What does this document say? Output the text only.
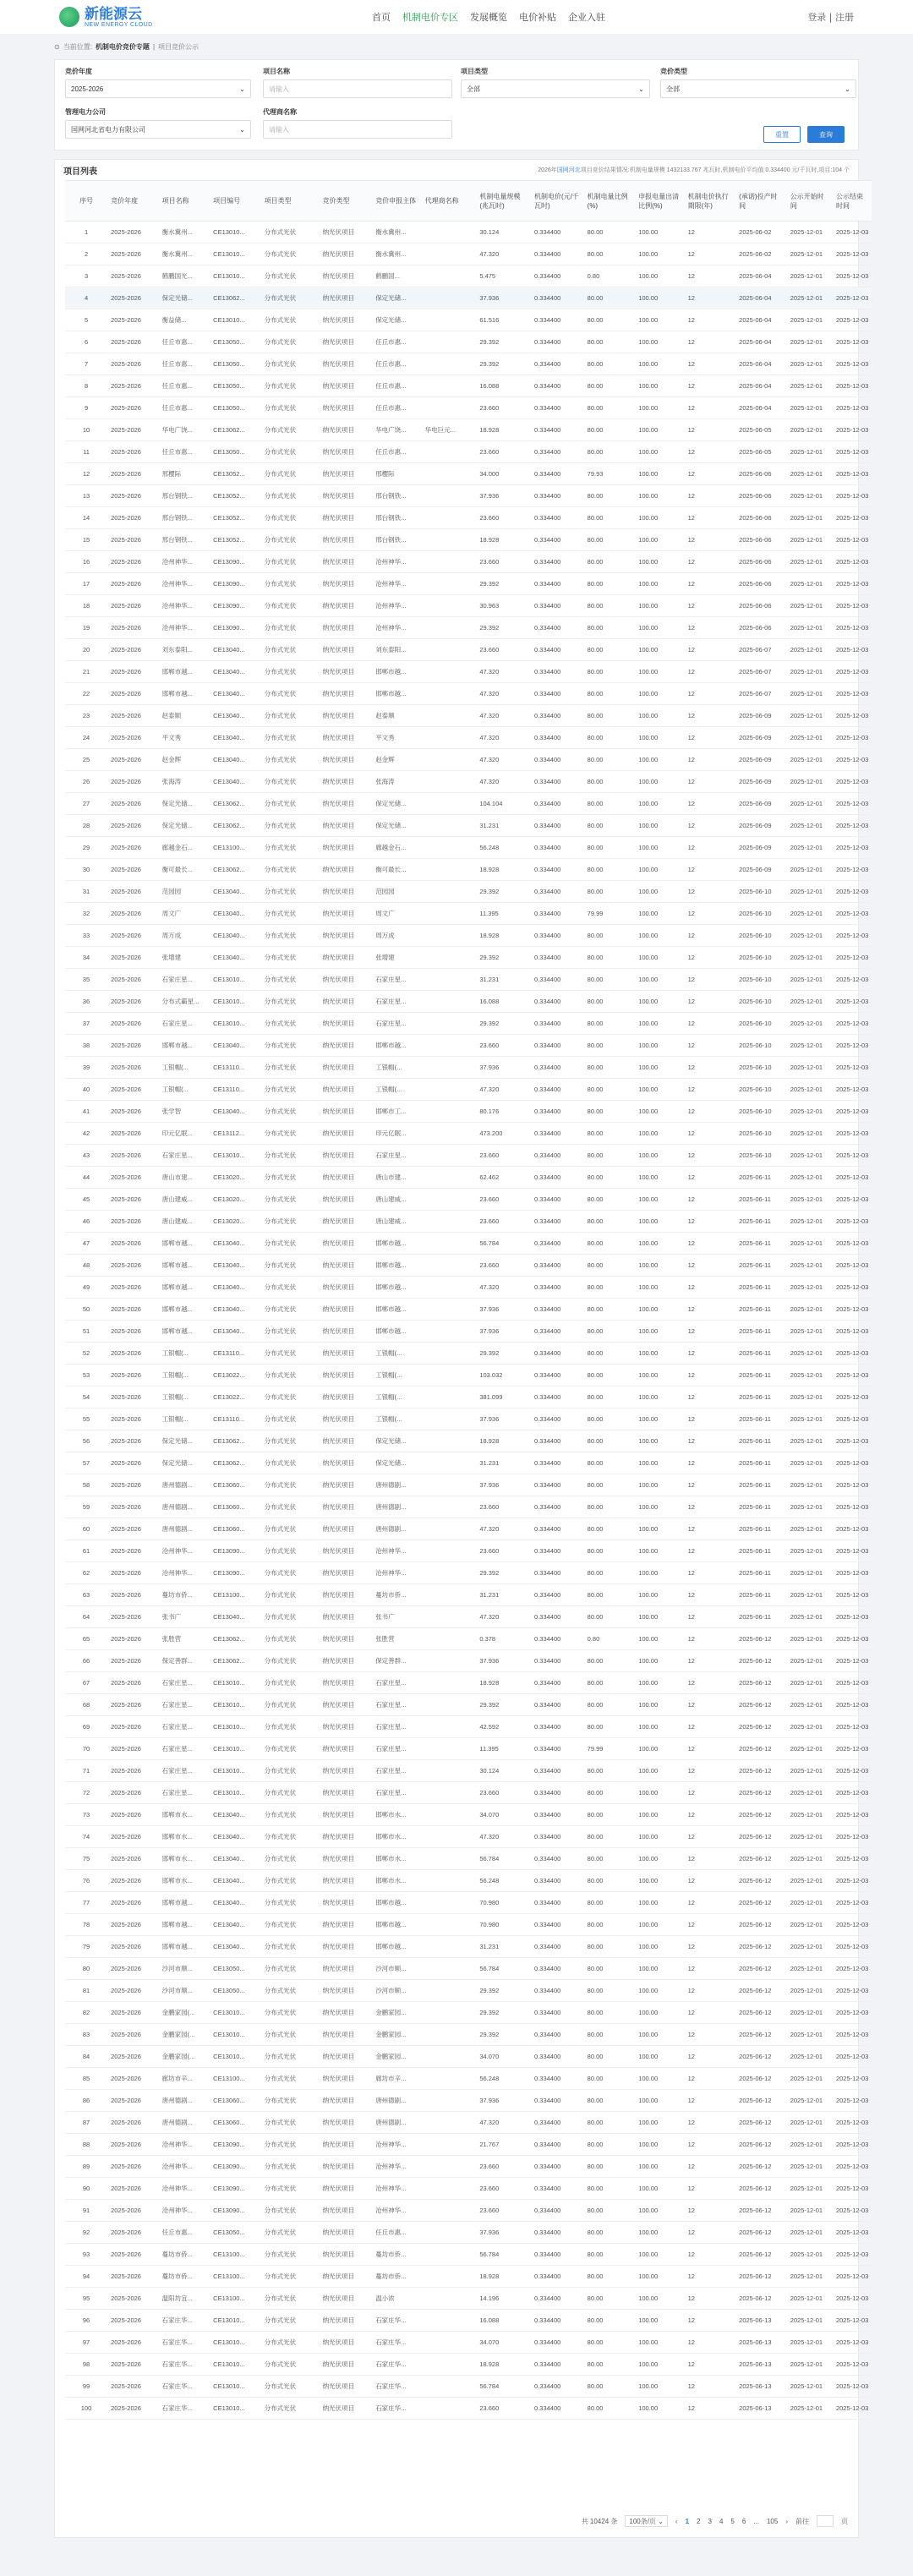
新能源云
NEW ENERGY CLOUD
首页 机制电价专区 发展概览 电价补贴 企业入驻	登录 | 注册
⊙ 当前位置: 机制电价竞价专题 | 项目竞价公示
竞价年度
2025-2026	⌄
项目名称
请输入
项目类型
全部	⌄
竞价类型
全部	⌄
管理电力公司
国网河北省电力有限公司	⌄
代理商名称
请输入
重置	查询
项目列表	2026年国网河北项目竞价结果情况:机制电量规模 1432133.767 兆瓦时,机制电价平均值 0.334400 元/千瓦时,项目:104 个
序号	竞价年度	项目名称	项目编号	项目类型	竞价类型	竞价申报主体	代理商名称	机制电量规模(兆瓦时)	机制电价(元/千瓦时)	机制电量比例(%)	申报电量出清比例(%)	机制电价执行期限(年)	(承诺)投产时间	公示开始时间	公示结束时间
1	2025-2026	衡水冀州...	CE13010...	分布式光伏	纳光伏项目	衡水冀州...		30.124	0.334400	80.00	100.00	12	2025-06-02	2025-12-01	2025-12-03
2	2025-2026	衡水冀州...	CE13010...	分布式光伏	纳光伏项目	衡水冀州...		47.320	0.334400	80.00	100.00	12	2025-06-02	2025-12-01	2025-12-03
3	2025-2026	鹤鹏国光...	CE13010...	分布式光伏	纳光伏项目	鹤鹏国...		5.475	0.334400	0.80	100.00	12	2025-06-04	2025-12-01	2025-12-03
4	2025-2026	保定光储...	CE13062...	分布式光伏	纳光伏项目	保定光储...		37.936	0.334400	80.00	100.00	12	2025-06-04	2025-12-01	2025-12-03
5	2025-2026	衡益储...	CE13010...	分布式光伏	纳光伏项目	保定光储...		61.516	0.334400	80.00	100.00	12	2025-06-04	2025-12-01	2025-12-03
6	2025-2026	任丘市惠...	CE13050...	分布式光伏	纳光伏项目	任丘市惠...		29.392	0.334400	80.00	100.00	12	2025-06-04	2025-12-01	2025-12-03
7	2025-2026	任丘市惠...	CE13050...	分布式光伏	纳光伏项目	任丘市惠...		29.392	0.334400	80.00	100.00	12	2025-06-04	2025-12-01	2025-12-03
8	2025-2026	任丘市惠...	CE13050...	分布式光伏	纳光伏项目	任丘市惠...		16.088	0.334400	80.00	100.00	12	2025-06-04	2025-12-01	2025-12-03
9	2025-2026	任丘市惠...	CE13050...	分布式光伏	纳光伏项目	任丘市惠...		23.660	0.334400	80.00	100.00	12	2025-06-04	2025-12-01	2025-12-03
10	2025-2026	华电广饶...	CE13062...	分布式光伏	纳光伏项目	华电广饶...	华电巨元...	18.928	0.334400	80.00	100.00	12	2025-06-05	2025-12-01	2025-12-03
11	2025-2026	任丘市惠...	CE13050...	分布式光伏	纳光伏项目	任丘市惠...		23.660	0.334400	80.00	100.00	12	2025-06-05	2025-12-01	2025-12-03
12	2025-2026	邢樱际	CE13052...	分布式光伏	纳光伏项目	邢樱际		34.000	0.334400	79.93	100.00	12	2025-06-06	2025-12-01	2025-12-03
13	2025-2026	邢台钢铁...	CE13052...	分布式光伏	纳光伏项目	邢台钢铁...		37.936	0.334400	80.00	100.00	12	2025-06-06	2025-12-01	2025-12-03
14	2025-2026	邢台钢铁...	CE13052...	分布式光伏	纳光伏项目	邢台钢铁...		23.660	0.334400	80.00	100.00	12	2025-06-06	2025-12-01	2025-12-03
15	2025-2026	邢台钢铁...	CE13052...	分布式光伏	纳光伏项目	邢台钢铁...		18.928	0.334400	80.00	100.00	12	2025-06-06	2025-12-01	2025-12-03
16	2025-2026	沧州神华...	CE13090...	分布式光伏	纳光伏项目	沧州神华...		23.660	0.334400	80.00	100.00	12	2025-06-06	2025-12-01	2025-12-03
17	2025-2026	沧州神华...	CE13090...	分布式光伏	纳光伏项目	沧州神华...		29.392	0.334400	80.00	100.00	12	2025-06-06	2025-12-01	2025-12-03
18	2025-2026	沧州神华...	CE13090...	分布式光伏	纳光伏项目	沧州神华...		30.963	0.334400	80.00	100.00	12	2025-06-06	2025-12-01	2025-12-03
19	2025-2026	沧州神华...	CE13090...	分布式光伏	纳光伏项目	沧州神华...		29.392	0.334400	80.00	100.00	12	2025-06-06	2025-12-01	2025-12-03
20	2025-2026	刘东泰阳...	CE13040...	分布式光伏	纳光伏项目	刘东泰阳...		23.660	0.334400	80.00	100.00	12	2025-06-07	2025-12-01	2025-12-03
21	2025-2026	邯郸市越...	CE13040...	分布式光伏	纳光伏项目	邯郸市越...		47.320	0.334400	80.00	100.00	12	2025-06-07	2025-12-01	2025-12-03
22	2025-2026	邯郸市越...	CE13040...	分布式光伏	纳光伏项目	邯郸市越...		47.320	0.334400	80.00	100.00	12	2025-06-07	2025-12-01	2025-12-03
23	2025-2026	赵泰顺	CE13040...	分布式光伏	纳光伏项目	赵泰顺		47.320	0.334400	80.00	100.00	12	2025-06-09	2025-12-01	2025-12-03
24	2025-2026	平文秀	CE13040...	分布式光伏	纳光伏项目	平文秀		47.320	0.334400	80.00	100.00	12	2025-06-09	2025-12-01	2025-12-03
25	2025-2026	赵金辉	CE13040...	分布式光伏	纳光伏项目	赵金辉		47.320	0.334400	80.00	100.00	12	2025-06-09	2025-12-01	2025-12-03
26	2025-2026	张海涛	CE13040...	分布式光伏	纳光伏项目	张海涛		47.320	0.334400	80.00	100.00	12	2025-06-09	2025-12-01	2025-12-03
27	2025-2026	保定光储...	CE13062...	分布式光伏	纳光伏项目	保定光储...		104.104	0.334400	80.00	100.00	12	2025-06-09	2025-12-01	2025-12-03
28	2025-2026	保定光储...	CE13062...	分布式光伏	纳光伏项目	保定光储...		31.231	0.334400	80.00	100.00	12	2025-06-09	2025-12-01	2025-12-03
29	2025-2026	廊越金石...	CE13100...	分布式光伏	纳光伏项目	廊越金石...		56.248	0.334400	80.00	100.00	12	2025-06-09	2025-12-01	2025-12-03
30	2025-2026	衡可最长...	CE13062...	分布式光伏	纳光伏项目	衡可最长...		18.928	0.334400	80.00	100.00	12	2025-06-09	2025-12-01	2025-12-03
31	2025-2026	范园园	CE13040...	分布式光伏	纳光伏项目	范园园		29.392	0.334400	80.00	100.00	12	2025-06-10	2025-12-01	2025-12-03
32	2025-2026	周文广	CE13040...	分布式光伏	纳光伏项目	周文广		11.395	0.334400	79.99	100.00	12	2025-06-10	2025-12-01	2025-12-03
33	2025-2026	周万成	CE13040...	分布式光伏	纳光伏项目	周万成		18.928	0.334400	80.00	100.00	12	2025-06-10	2025-12-01	2025-12-03
34	2025-2026	张增建	CE13040...	分布式光伏	纳光伏项目	张增建		29.392	0.334400	80.00	100.00	12	2025-06-10	2025-12-01	2025-12-03
35	2025-2026	石家庄星...	CE13010...	分布式光伏	纳光伏项目	石家庄星...		31.231	0.334400	80.00	100.00	12	2025-06-10	2025-12-01	2025-12-03
36	2025-2026	分布式霸星...	CE13010...	分布式光伏	纳光伏项目	石家庄星...		16.088	0.334400	80.00	100.00	12	2025-06-10	2025-12-01	2025-12-03
37	2025-2026	石家庄星...	CE13010...	分布式光伏	纳光伏项目	石家庄星...		29.392	0.334400	80.00	100.00	12	2025-06-10	2025-12-01	2025-12-03
38	2025-2026	邯郸市越...	CE13040...	分布式光伏	纳光伏项目	邯郸市越...		23.660	0.334400	80.00	100.00	12	2025-06-10	2025-12-01	2025-12-03
39	2025-2026	工银帽(...	CE13110...	分布式光伏	纳光伏项目	工银帽(...		37.936	0.334400	80.00	100.00	12	2025-06-10	2025-12-01	2025-12-03
40	2025-2026	工银帽(...	CE13110...	分布式光伏	纳光伏项目	工银帽(...		47.320	0.334400	80.00	100.00	12	2025-06-10	2025-12-01	2025-12-03
41	2025-2026	张学智	CE13040...	分布式光伏	纳光伏项目	邯郸市工...		80.176	0.334400	80.00	100.00	12	2025-06-10	2025-12-01	2025-12-03
42	2025-2026	印元亿眠...	CE13112...	分布式光伏	纳光伏项目	印元亿眠...		473.200	0.334400	80.00	100.00	12	2025-06-10	2025-12-01	2025-12-03
43	2025-2026	石家庄星...	CE13010...	分布式光伏	纳光伏项目	石家庄星...		23.660	0.334400	80.00	100.00	12	2025-06-10	2025-12-01	2025-12-03
44	2025-2026	唐山市建...	CE13020...	分布式光伏	纳光伏项目	唐山市建...		62.462	0.334400	80.00	100.00	12	2025-06-11	2025-12-01	2025-12-03
45	2025-2026	唐山建威...	CE13020...	分布式光伏	纳光伏项目	唐山建威...		23.660	0.334400	80.00	100.00	12	2025-06-11	2025-12-01	2025-12-03
46	2025-2026	唐山建威...	CE13020...	分布式光伏	纳光伏项目	唐山建威...		23.660	0.334400	80.00	100.00	12	2025-06-11	2025-12-01	2025-12-03
47	2025-2026	邯郸市越...	CE13040...	分布式光伏	纳光伏项目	邯郸市越...		56.784	0.334400	80.00	100.00	12	2025-06-11	2025-12-01	2025-12-03
48	2025-2026	邯郸市越...	CE13040...	分布式光伏	纳光伏项目	邯郸市越...		23.660	0.334400	80.00	100.00	12	2025-06-11	2025-12-01	2025-12-03
49	2025-2026	邯郸市越...	CE13040...	分布式光伏	纳光伏项目	邯郸市越...		47.320	0.334400	80.00	100.00	12	2025-06-11	2025-12-01	2025-12-03
50	2025-2026	邯郸市越...	CE13040...	分布式光伏	纳光伏项目	邯郸市越...		37.936	0.334400	80.00	100.00	12	2025-06-11	2025-12-01	2025-12-03
51	2025-2026	邯郸市越...	CE13040...	分布式光伏	纳光伏项目	邯郸市越...		37.936	0.334400	80.00	100.00	12	2025-06-11	2025-12-01	2025-12-03
52	2025-2026	工银帽(...	CE13110...	分布式光伏	纳光伏项目	工银帽(...		29.392	0.334400	80.00	100.00	12	2025-06-11	2025-12-01	2025-12-03
53	2025-2026	工银帽(...	CE13022...	分布式光伏	纳光伏项目	工银帽(...		103.032	0.334400	80.00	100.00	12	2025-06-11	2025-12-01	2025-12-03
54	2025-2026	工银帽(...	CE13022...	分布式光伏	纳光伏项目	工银帽(...		381.099	0.334400	80.00	100.00	12	2025-06-11	2025-12-01	2025-12-03
55	2025-2026	工银帽(...	CE13110...	分布式光伏	纳光伏项目	工银帽(...		37.936	0.334400	80.00	100.00	12	2025-06-11	2025-12-01	2025-12-03
56	2025-2026	保定光储...	CE13062...	分布式光伏	纳光伏项目	保定光储...		18.928	0.334400	80.00	100.00	12	2025-06-11	2025-12-01	2025-12-03
57	2025-2026	保定光储...	CE13062...	分布式光伏	纳光伏项目	保定光储...		31.231	0.334400	80.00	100.00	12	2025-06-11	2025-12-01	2025-12-03
58	2025-2026	唐州德剧...	CE13060...	分布式光伏	纳光伏项目	唐州德剧...		37.936	0.334400	80.00	100.00	12	2025-06-11	2025-12-01	2025-12-03
59	2025-2026	唐州德剧...	CE13060...	分布式光伏	纳光伏项目	唐州德剧...		23.660	0.334400	80.00	100.00	12	2025-06-11	2025-12-01	2025-12-03
60	2025-2026	唐州德剧...	CE13060...	分布式光伏	纳光伏项目	唐州德剧...		47.320	0.334400	80.00	100.00	12	2025-06-11	2025-12-01	2025-12-03
61	2025-2026	沧州神华...	CE13090...	分布式光伏	纳光伏项目	沧州神华...		23.660	0.334400	80.00	100.00	12	2025-06-11	2025-12-01	2025-12-03
62	2025-2026	沧州神华...	CE13090...	分布式光伏	纳光伏项目	沧州神华...		29.392	0.334400	80.00	100.00	12	2025-06-11	2025-12-01	2025-12-03
63	2025-2026	蔓坊市侨...	CE13100...	分布式光伏	纳光伏项目	蔓坊市侨...		31.231	0.334400	80.00	100.00	12	2025-06-11	2025-12-01	2025-12-03
64	2025-2026	张书广	CE13040...	分布式光伏	纳光伏项目	张书广		47.320	0.334400	80.00	100.00	12	2025-06-11	2025-12-01	2025-12-03
65	2025-2026	张胜营	CE13062...	分布式光伏	纳光伏项目	张胜营		0.378	0.334400	0.80	100.00	12	2025-06-12	2025-12-01	2025-12-03
66	2025-2026	保定善群...	CE13062...	分布式光伏	纳光伏项目	保定善群...		37.936	0.334400	80.00	100.00	12	2025-06-12	2025-12-01	2025-12-03
67	2025-2026	石家庄星...	CE13010...	分布式光伏	纳光伏项目	石家庄星...		18.928	0.334400	80.00	100.00	12	2025-06-12	2025-12-01	2025-12-03
68	2025-2026	石家庄星...	CE13010...	分布式光伏	纳光伏项目	石家庄星...		29.392	0.334400	80.00	100.00	12	2025-06-12	2025-12-01	2025-12-03
69	2025-2026	石家庄星...	CE13010...	分布式光伏	纳光伏项目	石家庄星...		42.592	0.334400	80.00	100.00	12	2025-06-12	2025-12-01	2025-12-03
70	2025-2026	石家庄星...	CE13010...	分布式光伏	纳光伏项目	石家庄星...		11.395	0.334400	79.99	100.00	12	2025-06-12	2025-12-01	2025-12-03
71	2025-2026	石家庄星...	CE13010...	分布式光伏	纳光伏项目	石家庄星...		30.124	0.334400	80.00	100.00	12	2025-06-12	2025-12-01	2025-12-03
72	2025-2026	石家庄星...	CE13010...	分布式光伏	纳光伏项目	石家庄星...		23.660	0.334400	80.00	100.00	12	2025-06-12	2025-12-01	2025-12-03
73	2025-2026	邯郸市水...	CE13040...	分布式光伏	纳光伏项目	邯郸市水...		34.070	0.334400	80.00	100.00	12	2025-06-12	2025-12-01	2025-12-03
74	2025-2026	邯郸市水...	CE13040...	分布式光伏	纳光伏项目	邯郸市水...		47.320	0.334400	80.00	100.00	12	2025-06-12	2025-12-01	2025-12-03
75	2025-2026	邯郸市水...	CE13040...	分布式光伏	纳光伏项目	邯郸市水...		56.784	0.334400	80.00	100.00	12	2025-06-12	2025-12-01	2025-12-03
76	2025-2026	邯郸市水...	CE13040...	分布式光伏	纳光伏项目	邯郸市水...		56.248	0.334400	80.00	100.00	12	2025-06-12	2025-12-01	2025-12-03
77	2025-2026	邯郸市越...	CE13040...	分布式光伏	纳光伏项目	邯郸市越...		70.980	0.334400	80.00	100.00	12	2025-06-12	2025-12-01	2025-12-03
78	2025-2026	邯郸市越...	CE13040...	分布式光伏	纳光伏项目	邯郸市越...		70.980	0.334400	80.00	100.00	12	2025-06-12	2025-12-01	2025-12-03
79	2025-2026	邯郸市越...	CE13040...	分布式光伏	纳光伏项目	邯郸市越...		31.231	0.334400	80.00	100.00	12	2025-06-12	2025-12-01	2025-12-03
80	2025-2026	沙河市顺...	CE13050...	分布式光伏	纳光伏项目	沙河市顺...		56.784	0.334400	80.00	100.00	12	2025-06-12	2025-12-01	2025-12-03
81	2025-2026	沙河市顺...	CE13050...	分布式光伏	纳光伏项目	沙河市顺...		29.392	0.334400	80.00	100.00	12	2025-06-12	2025-12-01	2025-12-03
82	2025-2026	金鹏家园(...	CE13010...	分布式光伏	纳光伏项目	金鹏家园...		29.392	0.334400	80.00	100.00	12	2025-06-12	2025-12-01	2025-12-03
83	2025-2026	金鹏家园(...	CE13010...	分布式光伏	纳光伏项目	金鹏家园...		29.392	0.334400	80.00	100.00	12	2025-06-12	2025-12-01	2025-12-03
84	2025-2026	金鹏家园(...	CE13010...	分布式光伏	纳光伏项目	金鹏家园...		34.070	0.334400	80.00	100.00	12	2025-06-12	2025-12-01	2025-12-03
85	2025-2026	廊坊市辛...	CE13100...	分布式光伏	纳光伏项目	廊坊市辛...		56.248	0.334400	80.00	100.00	12	2025-06-12	2025-12-01	2025-12-03
86	2025-2026	唐州德剧...	CE13060...	分布式光伏	纳光伏项目	唐州德剧...		37.936	0.334400	80.00	100.00	12	2025-06-12	2025-12-01	2025-12-03
87	2025-2026	唐州德剧...	CE13060...	分布式光伏	纳光伏项目	唐州德剧...		47.320	0.334400	80.00	100.00	12	2025-06-12	2025-12-01	2025-12-03
88	2025-2026	沧州神华...	CE13090...	分布式光伏	纳光伏项目	沧州神华...		21.767	0.334400	80.00	100.00	12	2025-06-12	2025-12-01	2025-12-03
89	2025-2026	沧州神华...	CE13090...	分布式光伏	纳光伏项目	沧州神华...		23.660	0.334400	80.00	100.00	12	2025-06-12	2025-12-01	2025-12-03
90	2025-2026	沧州神华...	CE13090...	分布式光伏	纳光伏项目	沧州神华...		23.660	0.334400	80.00	100.00	12	2025-06-12	2025-12-01	2025-12-03
91	2025-2026	沧州神华...	CE13090...	分布式光伏	纳光伏项目	沧州神华...		23.660	0.334400	80.00	100.00	12	2025-06-12	2025-12-01	2025-12-03
92	2025-2026	任丘市惠...	CE13050...	分布式光伏	纳光伏项目	任丘市惠...		37.936	0.334400	80.00	100.00	12	2025-06-12	2025-12-01	2025-12-03
93	2025-2026	蔓坊市侨...	CE13100...	分布式光伏	纳光伏项目	蔓坊市侨...		56.784	0.334400	80.00	100.00	12	2025-06-12	2025-12-01	2025-12-03
94	2025-2026	蔓坊市侨...	CE13100...	分布式光伏	纳光伏项目	蔓坊市侨...		18.928	0.334400	80.00	100.00	12	2025-06-12	2025-12-01	2025-12-03
95	2025-2026	温阳坊宜...	CE13100...	分布式光伏	纳光伏项目	温小浓		14.196	0.334400	80.00	100.00	12	2025-06-12	2025-12-01	2025-12-03
96	2025-2026	石家庄华...	CE13010...	分布式光伏	纳光伏项目	石家庄华...		16.088	0.334400	80.00	100.00	12	2025-06-13	2025-12-01	2025-12-03
97	2025-2026	石家庄华...	CE13010...	分布式光伏	纳光伏项目	石家庄华...		34.070	0.334400	80.00	100.00	12	2025-06-13	2025-12-01	2025-12-03
98	2025-2026	石家庄华...	CE13010...	分布式光伏	纳光伏项目	石家庄华...		18.928	0.334400	80.00	100.00	12	2025-06-13	2025-12-01	2025-12-03
99	2025-2026	石家庄华...	CE13010...	分布式光伏	纳光伏项目	石家庄华...		56.784	0.334400	80.00	100.00	12	2025-06-13	2025-12-01	2025-12-03
100	2025-2026	石家庄华...	CE13010...	分布式光伏	纳光伏项目	石家庄华...		23.660	0.334400	80.00	100.00	12	2025-06-13	2025-12-01	2025-12-03
共 10424 条 100条/页 ⌄	‹ 1 2 3 4 5 6 ... 105 › 前往	页
